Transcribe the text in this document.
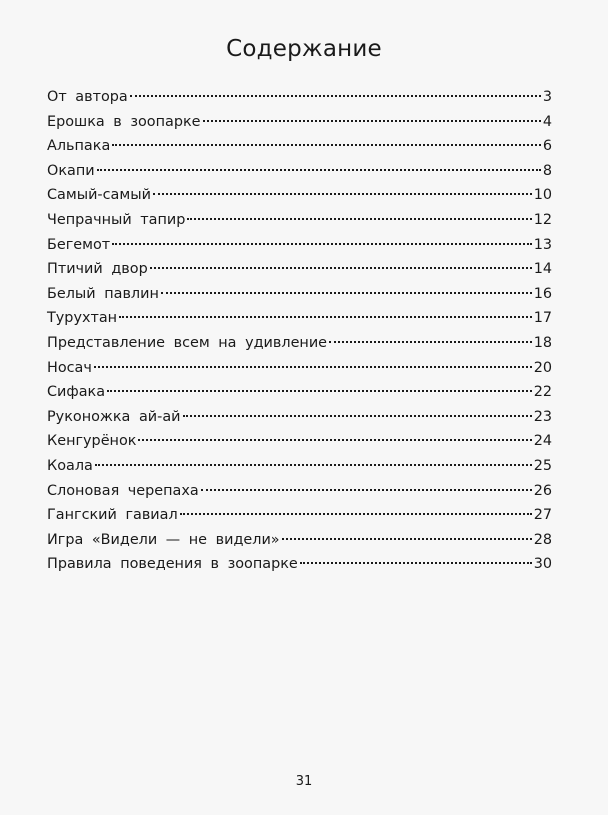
Содержание
От автора	3
Ерошка в зоопарке	4
Альпака	6
Окапи	8
Самый-самый	10
Чепрачный тапир	12
Бегемот	13
Птичий двор	14
Белый павлин	16
Турухтан	17
Представление всем на удивление	18
Носач	20
Сифака	22
Руконожка ай-ай	23
Кенгурёнок	24
Коала	25
Слоновая черепаха	26
Гангский гавиал	27
Игра «Видели — не видели»	28
Правила поведения в зоопарке	30
31
